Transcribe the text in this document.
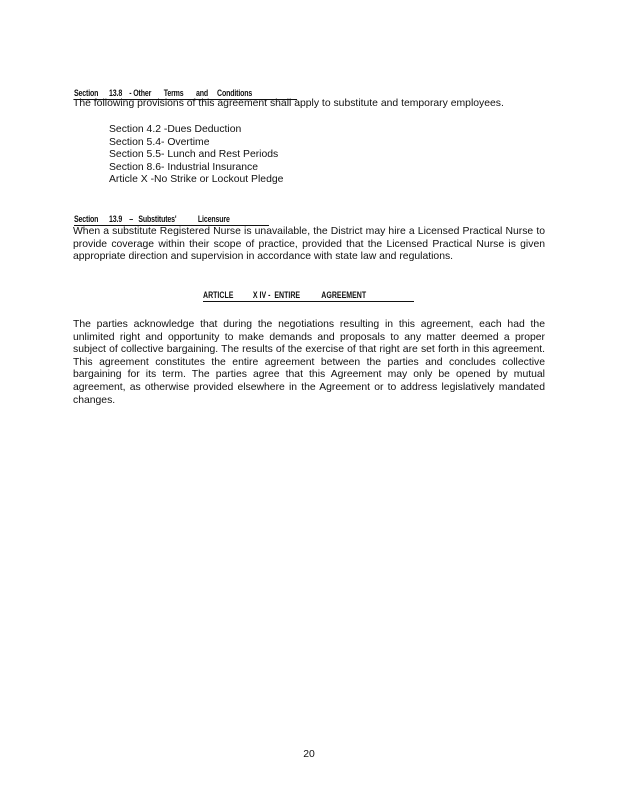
Section      13.8    - Other       Terms       and     Conditions
The following provisions of this agreement shall apply to substitute and temporary employees.
Section 4.2 -Dues Deduction
Section 5.4- Overtime
Section 5.5- Lunch and Rest Periods
Section 8.6- Industrial Insurance
Article X -No Strike or Lockout Pledge
Section      13.9    –   Substitutes'            Licensure
When a substitute Registered Nurse is unavailable, the District may hire a Licensed Practical Nurse to provide coverage within their scope of practice, provided that the Licensed Practical Nurse is given appropriate direction and supervision in accordance with state law and regulations.
ARTICLE          X IV -  ENTIRE           AGREEMENT
The parties acknowledge that during the negotiations resulting in this agreement, each had the unlimited right and opportunity to make demands and proposals to any matter deemed a proper subject of collective bargaining. The results of the exercise of that right are set forth in this agreement. This agreement constitutes the entire agreement between the parties and concludes collective bargaining for its term. The parties agree that this Agreement may only be opened by mutual agreement, as otherwise provided elsewhere in the Agreement or to address legislatively mandated changes.
20
